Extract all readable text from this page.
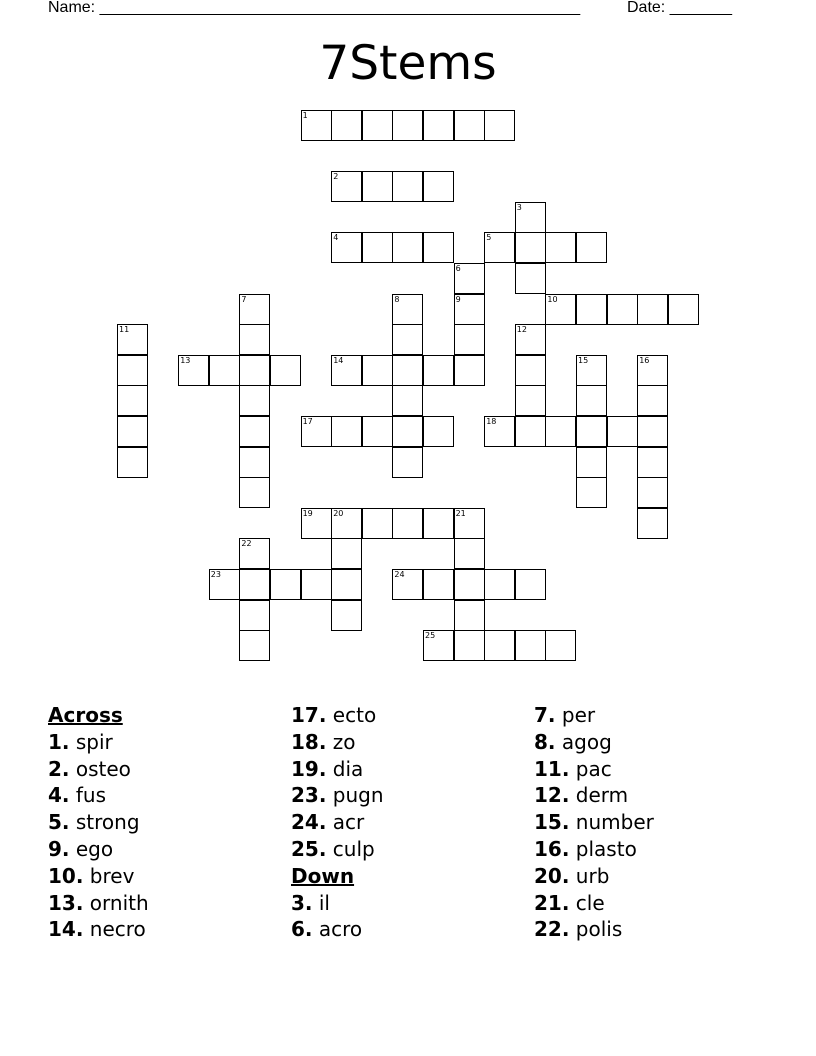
Name: ______________________________________________________	Date: _______
7Stems
1
2
3
4	5
6
7	8	9	10
11	12
13	14	15	16
17	18
19	20	21
22
23	24
25
Across
1. spir
2. osteo
4. fus
5. strong
9. ego
10. brev
13. ornith
14. necro
17. ecto
18. zo
19. dia
23. pugn
24. acr
25. culp
Down
3. il
6. acro
7. per
8. agog
11. pac
12. derm
15. number
16. plasto
20. urb
21. cle
22. polis
